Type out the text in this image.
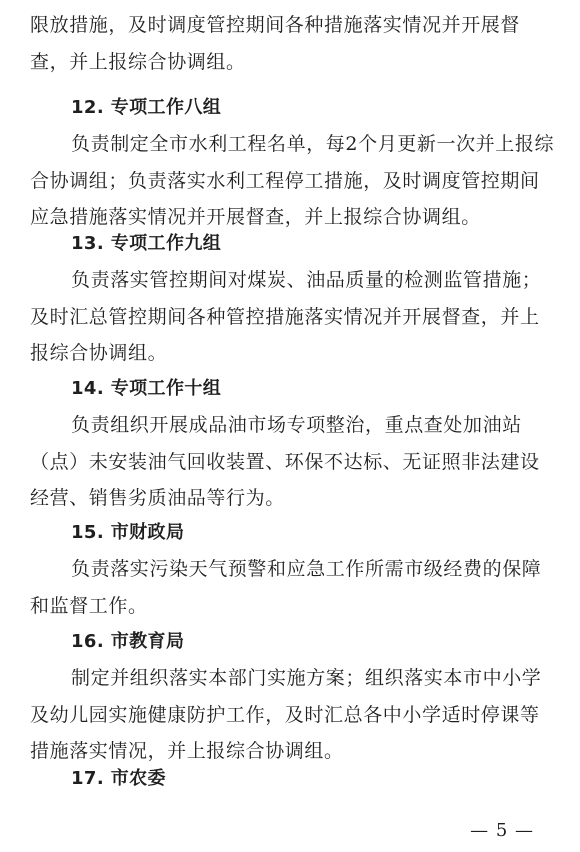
限放措施，及时调度管控期间各种措施落实情况并开展督查，并上报综合协调组。

12. 专项工作八组

负责制定全市水利工程名单，每2个月更新一次并上报综合协调组；负责落实水利工程停工措施，及时调度管控期间应急措施落实情况并开展督查，并上报综合协调组。

13. 专项工作九组

负责落实管控期间对煤炭、油品质量的检测监管措施；及时汇总管控期间各种管控措施落实情况并开展督查，并上报综合协调组。

14. 专项工作十组

负责组织开展成品油市场专项整治，重点查处加油站（点）未安装油气回收装置、环保不达标、无证照非法建设经营、销售劣质油品等行为。

15. 市财政局

负责落实污染天气预警和应急工作所需市级经费的保障和监督工作。

16. 市教育局

制定并组织落实本部门实施方案；组织落实本市中小学及幼儿园实施健康防护工作，及时汇总各中小学适时停课等措施落实情况，并上报综合协调组。

17. 市农委

— 5 —
